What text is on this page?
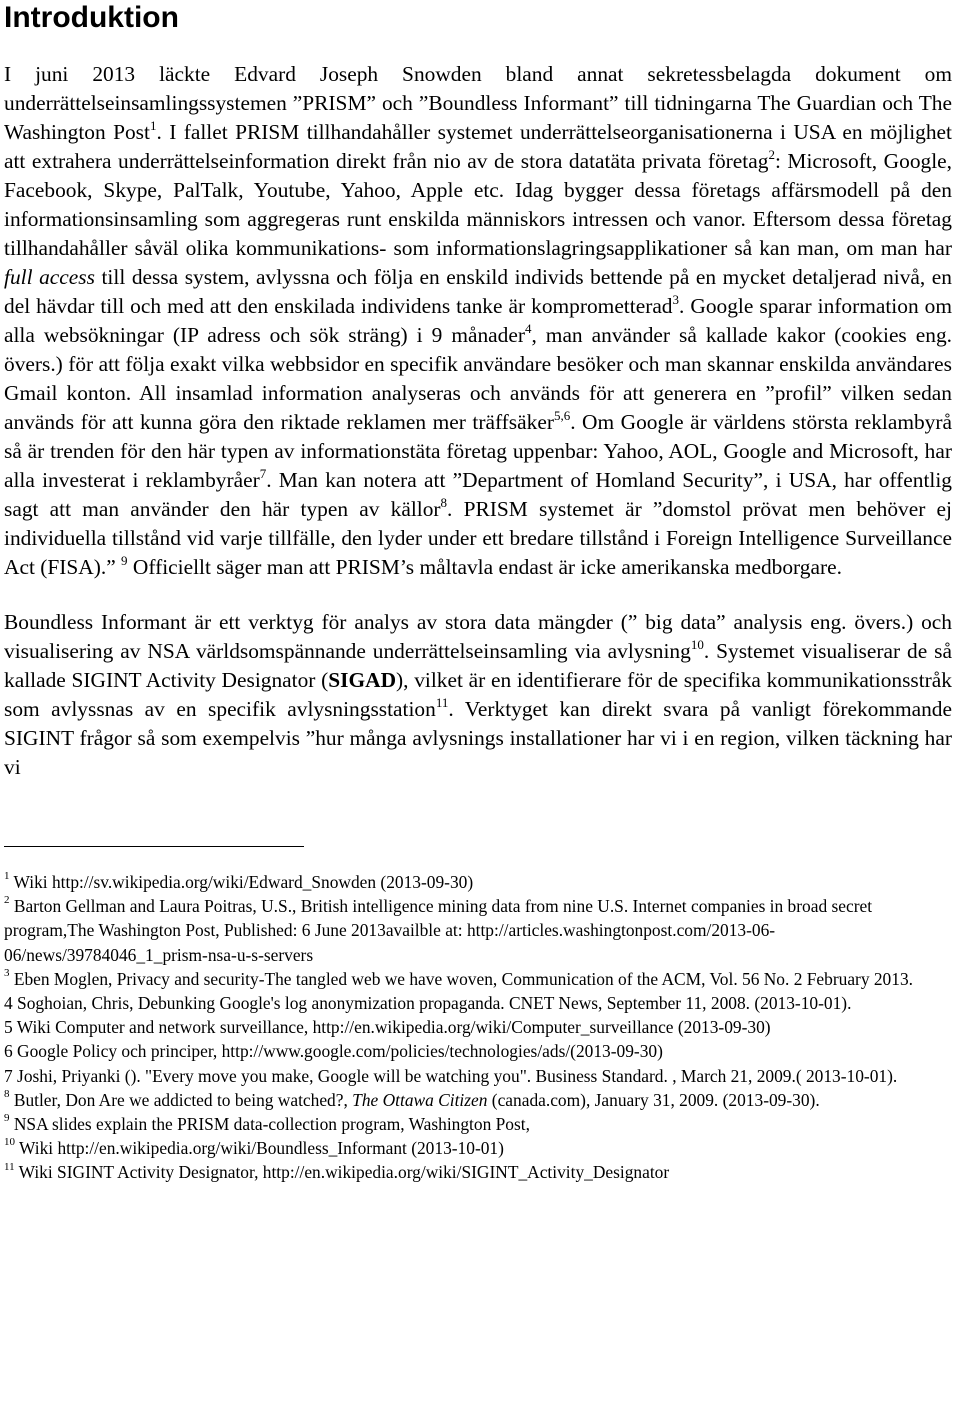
Introduktion

I juni 2013 läckte Edvard Joseph Snowden bland annat sekretessbelagda dokument om underrättelseinsamlingssystemen ”PRISM” och ”Boundless Informant” till tidningarna The Guardian och The Washington Post$^1$. I fallet PRISM tillhandahåller systemet underrättelseorganisationerna i USA en möjlighet att extrahera underrättelseinformation direkt från nio av de stora datatäta privata företag$^2$: Microsoft, Google, Facebook, Skype, PalTalk, Youtube, Yahoo, Apple etc. Idag bygger dessa företags affärsmodell på den informationsinsamling som aggregeras runt enskilda människors intressen och vanor. Eftersom dessa företag tillhandahåller såväl olika kommunikations- som informationslagringsapplikationer så kan man, om man har full access till dessa system, avlyssna och följa en enskild individs bettende på en mycket detaljerad nivå, en del hävdar till och med att den enskilada individens tanke är komprometterad$^3$. Google sparar information om alla websökningar (IP adress och sök sträng) i 9 månader$^4$, man använder så kallade kakor (cookies eng. övers.) för att följa exakt vilka webbsidor en specifik användare besöker och man skannar enskilda användares Gmail konton. All insamlad information analyseras och används för att generera en ”profil” vilken sedan används för att kunna göra den riktade reklamen mer träffsäker$^{5,6}$. Om Google är världens största reklambyrå så är trenden för den här typen av informationstäta företag uppenbar: Yahoo, AOL, Google and Microsoft, har alla investerat i reklambyråer$^7$. Man kan notera att ”Department of Homland Security”, i USA, har offentlig sagt att man använder den här typen av källor$^8$. PRISM systemet är ”domstol prövat men behöver ej individuella tillstånd vid varje tillfälle, den lyder under ett bredare tillstånd i Foreign Intelligence Surveillance Act (FISA).” $^9$ Officiellt säger man att PRISM’s måltavla endast är icke amerikanska medborgare.

Boundless Informant är ett verktyg för analys av stora data mängder (” big data” analysis eng. övers.) och visualisering av NSA världsomspännande underrättelseinsamling via avlysning$^{10}$. Systemet visualiserar de så kallade SIGINT Activity Designator (SIGAD), vilket är en identifierare för de specifika kommunikationsstråk som avlyssnas av en specifik avlysningsstation$^{11}$. Verktyget kan direkt svara på vanligt förekommande SIGINT frågor så som exempelvis ”hur många avlysnings installationer har vi i en region, vilken täckning har vi

$^1$ Wiki http://sv.wikipedia.org/wiki/Edward_Snowden (2013-09-30)

$^2$ Barton Gellman and Laura Poitras, U.S., British intelligence mining data from nine U.S. Internet companies in broad secret program,The Washington Post, Published: 6 June 2013availble at: http://articles.washingtonpost.com/2013-06-06/news/39784046_1_prism-nsa-u-s-servers

$^3$ Eben Moglen, Privacy and security-The tangled web we have woven, Communication of the ACM, Vol. 56 No. 2 February 2013.

4 Soghoian, Chris, Debunking Google's log anonymization propaganda. CNET News, September 11, 2008. (2013-10-01).

5 Wiki Computer and network surveillance, http://en.wikipedia.org/wiki/Computer_surveillance (2013-09-30)

6 Google Policy och principer, http://www.google.com/policies/technologies/ads/(2013-09-30)

7 Joshi, Priyanki (). "Every move you make, Google will be watching you". Business Standard. , March 21, 2009.( 2013-10-01).

$^8$ Butler, Don Are we addicted to being watched?, The Ottawa Citizen (canada.com), January 31, 2009. (2013-09-30).

$^9$ NSA slides explain the PRISM data-collection program, Washington Post,

$^{10}$ Wiki http://en.wikipedia.org/wiki/Boundless_Informant (2013-10-01)

$^{11}$ Wiki SIGINT Activity Designator, http://en.wikipedia.org/wiki/SIGINT_Activity_Designator
